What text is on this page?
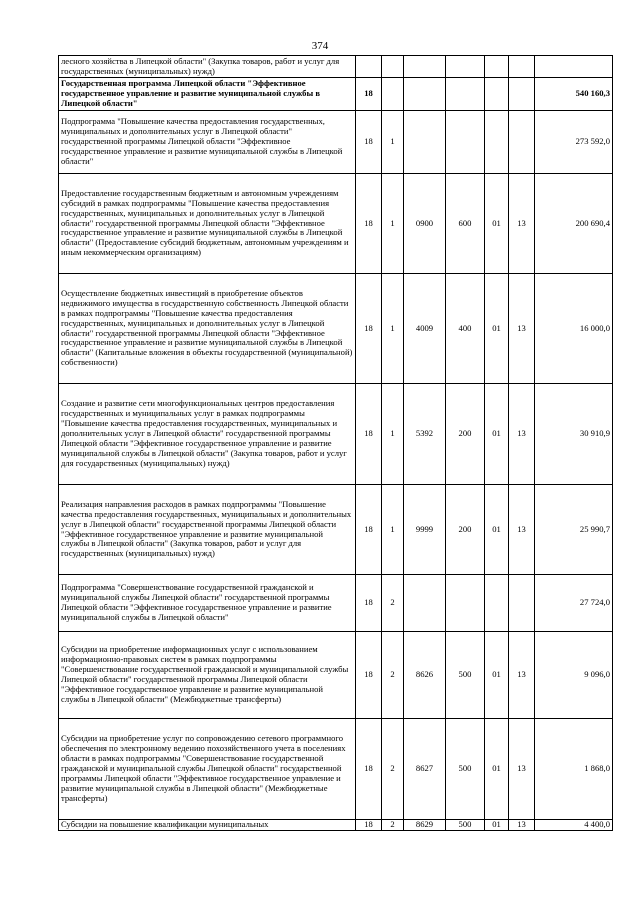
374
лесного хозяйства в Липецкой области" (Закупка товаров, работ и услуг для государственных (муниципальных) нужд)							
Государственная программа Липецкой области "Эффективное государственное управление и развитие муниципальной службы в Липецкой области"	18						540 160,3
Подпрограмма "Повышение качества предоставления государственных, муниципальных и дополнительных услуг в Липецкой области" государственной программы Липецкой области "Эффективное государственное управление и развитие муниципальной службы в Липецкой области"	18	1					273 592,0
Предоставление государственным бюджетным и автономным учреждениям субсидий в рамках подпрограммы "Повышение качества предоставления государственных, муниципальных и дополнительных услуг в Липецкой области" государственной программы Липецкой области "Эффективное государственное управление и развитие муниципальной службы в Липецкой области" (Предоставление субсидий бюджетным, автономным учреждениям и иным некоммерческим организациям)	18	1	0900	600	01	13	200 690,4
Осуществление бюджетных инвестиций в приобретение объектов недвижимого имущества в государственную собственность Липецкой области в рамках подпрограммы "Повышение качества предоставления государственных, муниципальных и дополнительных услуг в Липецкой области" государственной программы Липецкой области "Эффективное государственное управление и развитие муниципальной службы в Липецкой области" (Капитальные вложения в объекты государственной (муниципальной) собственности)	18	1	4009	400	01	13	16 000,0
Создание и развитие сети многофункциональных центров предоставления государственных и муниципальных услуг в рамках подпрограммы "Повышение качества предоставления государственных, муниципальных и дополнительных услуг в Липецкой области" государственной программы Липецкой области "Эффективное государственное управление и развитие муниципальной службы в Липецкой области" (Закупка товаров, работ и услуг для государственных (муниципальных) нужд)	18	1	5392	200	01	13	30 910,9
Реализация направления расходов в рамках подпрограммы "Повышение качества предоставления государственных, муниципальных и дополнительных услуг в Липецкой области" государственной программы Липецкой области "Эффективное государственное управление и развитие муниципальной службы в Липецкой области" (Закупка товаров, работ и услуг для государственных (муниципальных) нужд)	18	1	9999	200	01	13	25 990,7
Подпрограмма "Совершенствование государственной гражданской и муниципальной службы Липецкой области" государственной программы Липецкой области "Эффективное государственное управление и развитие муниципальной службы в Липецкой области"	18	2					27 724,0
Субсидии на приобретение информационных услуг с использованием информационно-правовых систем в рамках подпрограммы "Совершенствование государственной гражданской и муниципальной службы Липецкой области" государственной программы Липецкой области "Эффективное государственное управление и развитие муниципальной службы в Липецкой области" (Межбюджетные трансферты)	18	2	8626	500	01	13	9 096,0
Субсидии на приобретение услуг по сопровождению сетевого программного обеспечения по электронному ведению похозяйственного учета в поселениях области в рамках подпрограммы "Совершенствование государственной гражданской и муниципальной службы Липецкой области" государственной программы Липецкой области "Эффективное государственное управление и развитие муниципальной службы в Липецкой области" (Межбюджетные трансферты)	18	2	8627	500	01	13	1 868,0
Субсидии на повышение квалификации муниципальных	18	2	8629	500	01	13	4 400,0
